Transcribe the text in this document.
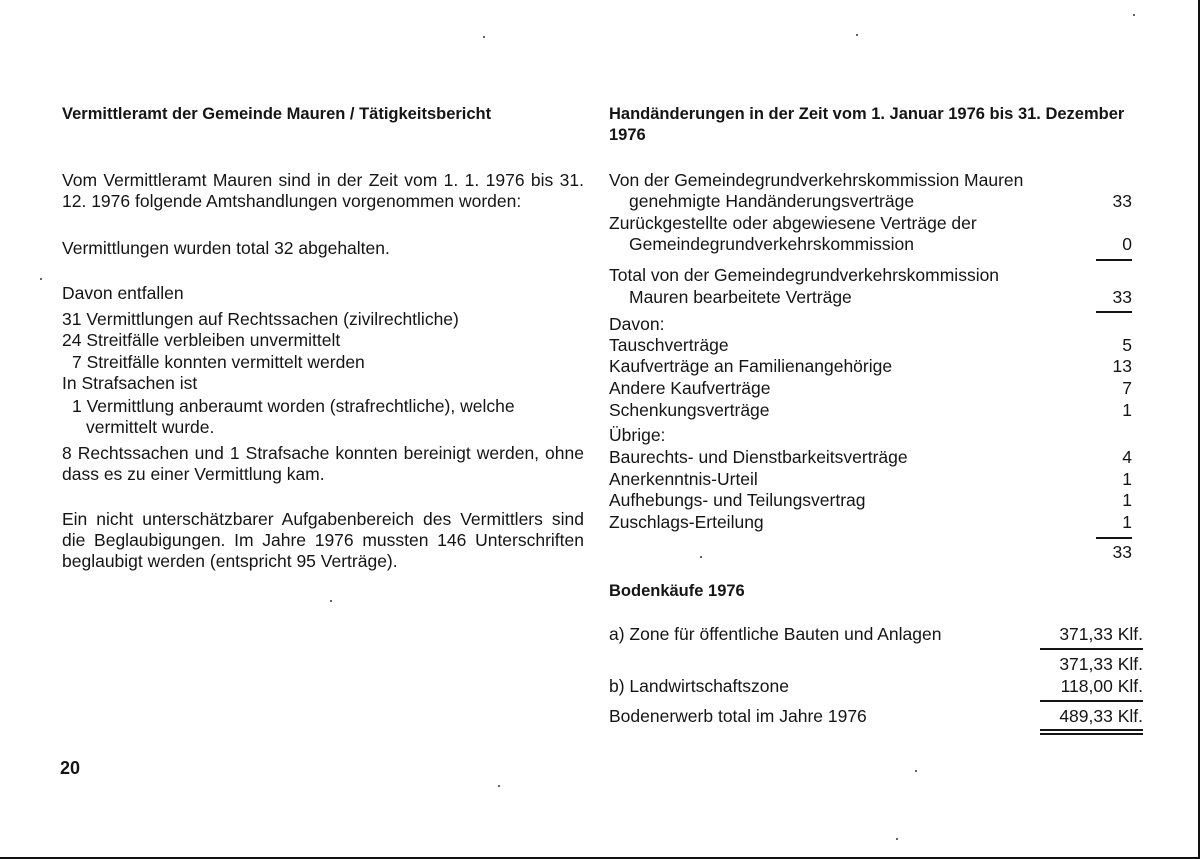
Vermittleramt der Gemeinde Mauren / Tätigkeitsbericht
Vom Vermittleramt Mauren sind in der Zeit vom 1. 1. 1976 bis 31. 12. 1976 folgende Amtshandlungen vorgenommen worden:
Vermittlungen wurden total 32 abgehalten.
Davon entfallen
31 Vermittlungen auf Rechtssachen (zivilrechtliche)
24 Streitfälle verbleiben unvermittelt
7 Streitfälle konnten vermittelt werden
In Strafsachen ist
1 Vermittlung anberaumt worden (strafrechtliche), welche
vermittelt wurde.
8 Rechtssachen und 1 Strafsache konnten bereinigt werden, ohne dass es zu einer Vermittlung kam.
Ein nicht unterschätzbarer Aufgabenbereich des Vermittlers sind die Beglaubigungen. Im Jahre 1976 mussten 146 Unterschriften beglaubigt werden (entspricht 95 Verträge).
Handänderungen in der Zeit vom 1. Januar 1976 bis 31. Dezember 1976
Von der Gemeindegrundverkehrskommission Mauren
genehmigte Handänderungsverträge	33
Zurückgestellte oder abgewiesene Verträge der
Gemeindegrundverkehrskommission	0
Total von der Gemeindegrundverkehrskommission
Mauren bearbeitete Verträge	33
Davon:
Tauschverträge	5
Kaufverträge an Familienangehörige	13
Andere Kaufverträge	7
Schenkungsverträge	1
Übrige:
Baurechts- und Dienstbarkeitsverträge	4
Anerkenntnis-Urteil	1
Aufhebungs- und Teilungsvertrag	1
Zuschlags-Erteilung	1
33
Bodenkäufe 1976
a) Zone für öffentliche Bauten und Anlagen	371,33 Klf.
371,33 Klf.
b) Landwirtschaftszone	118,00 Klf.
Bodenerwerb total im Jahre 1976	489,33 Klf.
20
